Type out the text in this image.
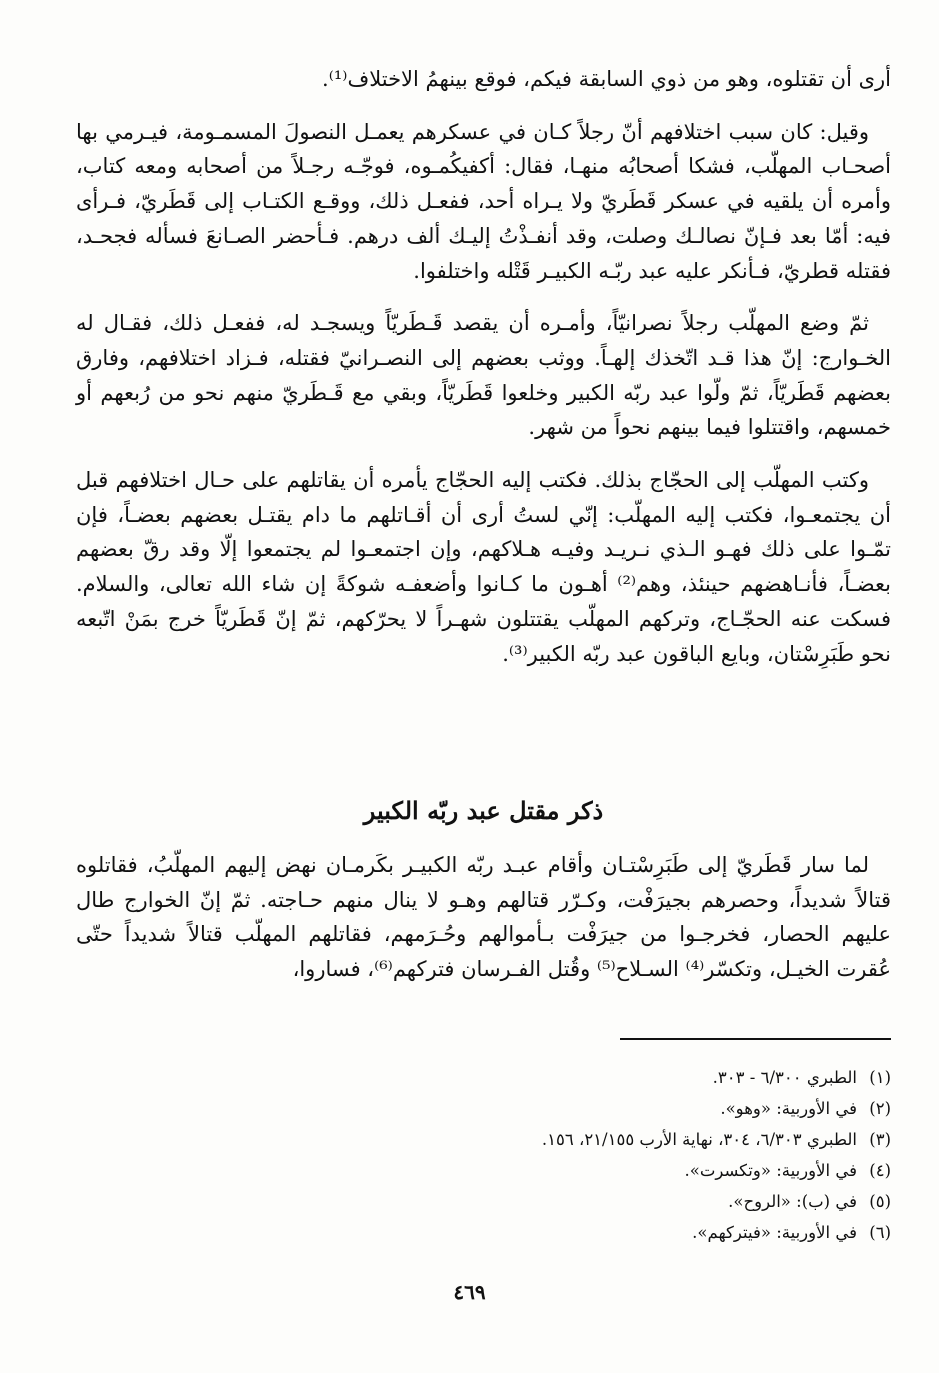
أرى أن تقتلوه، وهو من ذوي السابقة فيكم، فوقع بينهمُ الاختلاف⁽¹⁾.

وقيل: كان سبب اختلافهم أنّ رجلاً كـان في عسكرهم يعمـل النصولَ المسمـومة، فيـرمي بها أصحـاب المهلّب، فشكا أصحابُه منهـا، فقال: أكفيكُمـوه، فوجّـه رجـلاً من أصحابه ومعه كتاب، وأمره أن يلقيه في عسكر قَطَريّ ولا يـراه أحد، ففعـل ذلك، ووقـع الكتـاب إلى قَطَريّ، فـرأى فيه: أمّا بعد فـإنّ نصالـك وصلت، وقد أنفـذْتُ إليـك ألف درهم. فـأحضر الصـانعَ فسأله فجحـد، فقتله قطريّ، فـأنكر عليه عبد ربّـه الكبيـر قَتْله واختلفوا.

ثمّ وضع المهلّب رجلاً نصرانيّاً، وأمـره أن يقصد قَـطَريّاً ويسجـد له، ففعـل ذلك، فقـال له الخـوارج: إنّ هذا قـد اتّخذك إلهـاً. ووثب بعضهم إلى النصـرانيّ فقتله، فـزاد اختلافهم، وفارق بعضهم قَطَريّاً، ثمّ ولّوا عبد ربّه الكبير وخلعوا قَطَريّاً، وبقي مع قَـطَريّ منهم نحو من رُبعهم أو خمسهم، واقتتلوا فيما بينهم نحواً من شهر.

وكتب المهلّب إلى الحجّاج بذلك. فكتب إليه الحجّاج يأمره أن يقاتلهم على حـال اختلافهم قبل أن يجتمعـوا، فكتب إليه المهلّب: إنّي لستُ أرى أن أقـاتلهم ما دام يقتـل بعضهم بعضـاً، فإن تمّـوا على ذلك فهـو الـذي نـريـد وفيـه هـلاكهم، وإن اجتمعـوا لم يجتمعوا إلّا وقد رقّ بعضهم بعضـاً، فأنـاهضهم حينئذ، وهم⁽²⁾ أهـون ما كـانوا وأضعفـه شوكةً إن شاء الله تعالى، والسلام. فسكت عنه الحجّـاج، وتركهم المهلّب يقتتلون شهـراً لا يحرّكهم، ثمّ إنّ قَطَريّاً خرج بمَنْ اتّبعه نحو طَبَرِسْتان، وبايع الباقون عبد ربّه الكبير⁽³⁾.

ذكر مقتل عبد ربّه الكبير

لما سار قَطَريّ إلى طَبَرِسْتـان وأقام عبـد ربّه الكبيـر بكَرمـان نهض إليهم المهلّبُ، فقاتلوه قتالاً شديداً، وحصرهم بجيرَفْت، وكـرّر قتالهم وهـو لا ينال منهم حـاجته. ثمّ إنّ الخوارج طال عليهم الحصار، فخرجـوا من جيرَفْت بـأموالهم وحُـرَمهم، فقاتلهم المهلّب قتالاً شديداً حتّى عُقرت الخيـل، وتكسّر⁽⁴⁾ السـلاح⁽⁵⁾ وقُتل الفـرسان فتركهم⁽⁶⁾، فساروا،

(١)
الطبري ٦/٣٠٠ - ٣٠٣.
(٢)
في الأوربية: «وهو».
(٣)
الطبري ٦/٣٠٣، ٣٠٤، نهاية الأرب ٢١/١٥٥، ١٥٦.
(٤)
في الأوربية: «وتكسرت».
(٥)
في (ب): «الروح».
(٦)
في الأوربية: «فيتركهم».
٤٦٩
